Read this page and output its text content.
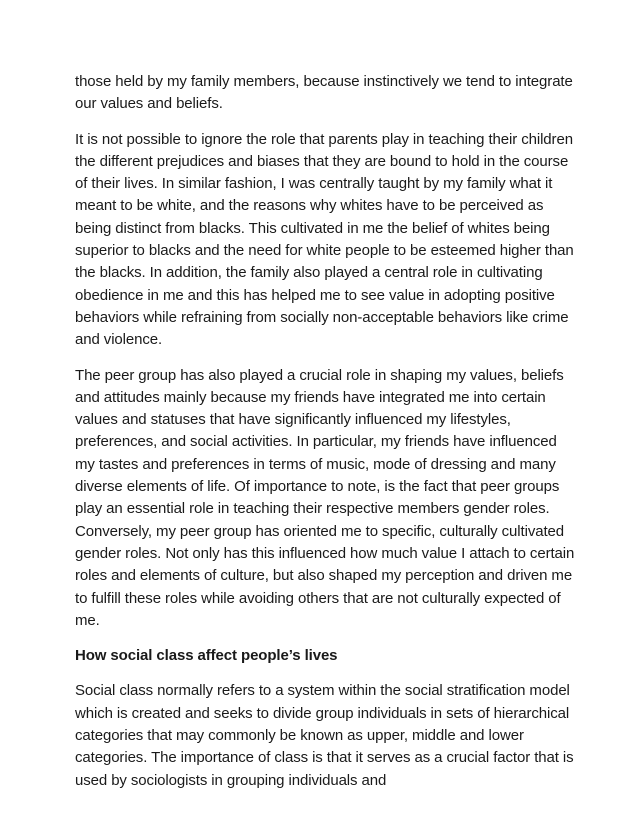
those held by my family members, because instinctively we tend to integrate our values and beliefs.

It is not possible to ignore the role that parents play in teaching their children the different prejudices and biases that they are bound to hold in the course of their lives. In similar fashion, I was centrally taught by my family what it meant to be white, and the reasons why whites have to be perceived as being distinct from blacks. This cultivated in me the belief of whites being superior to blacks and the need for white people to be esteemed higher than the blacks. In addition, the family also played a central role in cultivating obedience in me and this has helped me to see value in adopting positive behaviors while refraining from socially non-acceptable behaviors like crime and violence.

The peer group has also played a crucial role in shaping my values, beliefs and attitudes mainly because my friends have integrated me into certain values and statuses that have significantly influenced my lifestyles, preferences, and social activities. In particular, my friends have influenced my tastes and preferences in terms of music, mode of dressing and many diverse elements of life. Of importance to note, is the fact that peer groups play an essential role in teaching their respective members gender roles. Conversely, my peer group has oriented me to specific, culturally cultivated gender roles. Not only has this influenced how much value I attach to certain roles and elements of culture, but also shaped my perception and driven me to fulfill these roles while avoiding others that are not culturally expected of me.

How social class affect people’s lives

Social class normally refers to a system within the social stratification model which is created and seeks to divide group individuals in sets of hierarchical categories that may commonly be known as upper, middle and lower categories. The importance of class is that it serves as a crucial factor that is used by sociologists in grouping individuals and
